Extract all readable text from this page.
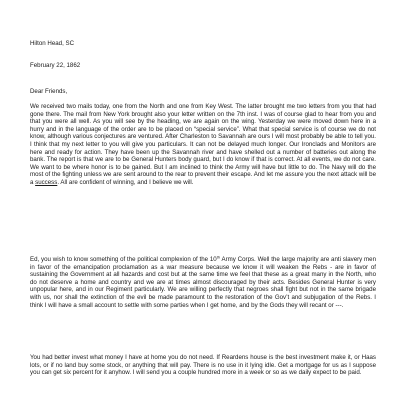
Hilton Head, SC
February 22, 1862
Dear Friends,

We received two mails today, one from the North and one from Key West. The latter brought me two letters from you that had gone there. The mail from New York brought also your letter written on the 7th inst. I was of course glad to hear from you and that you were all well. As you will see by the heading, we are again on the wing. Yesterday we were moved down here in a hurry and in the language of the order are to be placed on “special service”. What that special service is of course we do not know, although various conjectures are ventured. After Charleston to Savannah are ours I will most probably be able to tell you. I think that my next letter to you will give you particulars. It can not be delayed much longer. Our Ironclads and Monitors are here and ready for action. They have been up the Savannah river and have shelled out a number of batteries out along the bank. The report is that we are to be General Hunters body guard, but I do know if that is correct. At all events, we do not care. We want to be where honor is to be gained. But I am inclined to think the Army will have but little to do. The Navy will do the most of the fighting unless we are sent around to the rear to prevent their escape. And let me assure you the next attack will be a success. All are confident of winning, and I believe we will.

Ed, you wish to know something of the political complexion of the 10th Army Corps. Well the large majority are anti slavery men in favor of the emancipation proclamation as a war measure because we know it will weaken the Rebs - are in favor of sustaining the Government at all hazards and cost but at the same time we feel that these as a great many in the North, who do not deserve a home and country and we are at times almost discouraged by their acts. Besides General Hunter is very unpopular here, and in our Regiment particularly. We are willing perfectly that negroes shall fight but not in the same brigade with us, nor shall the extinction of the evil be made paramount to the restoration of the Gov’t and subjugation of the Rebs. I think I will have a small account to settle with some parties when I get home, and by the Gods they will recant or ---.

You had better invest what money I have at home you do not need. If Reardens house is the best investment make it, or Haas lots, or if no land buy some stock, or anything that will pay. There is no use in it lying idle. Get a mortgage for us as I suppose you can get six percent for it anyhow. I will send you a couple hundred more in a week or so as we daily expect to be paid.
